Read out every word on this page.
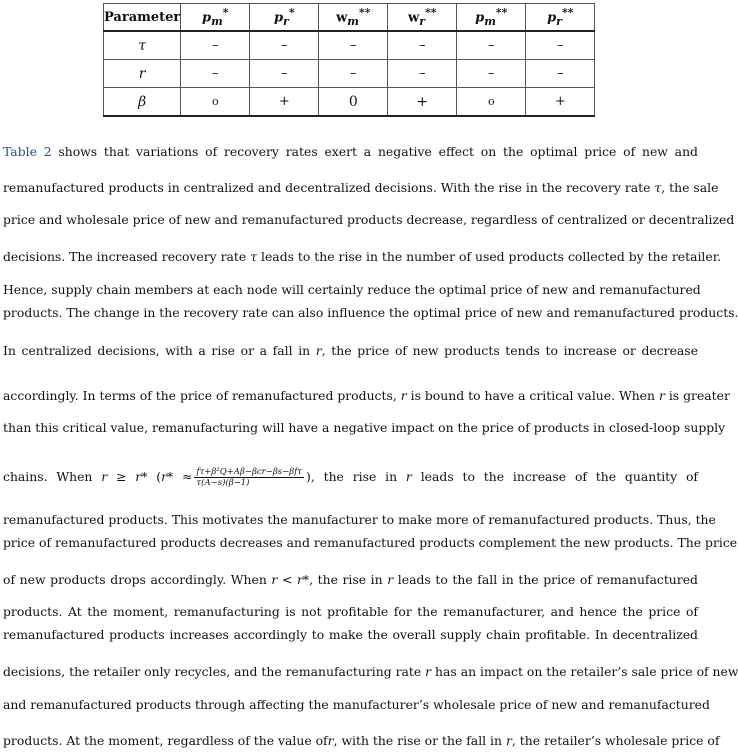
Parameter	$p_m^*$	$p_r^*$	$w_m^{**}$	$w_r^{**}$	$p_m^{**}$	$p_r^{**}$
τ	–	–	–	–	–	–
r	–	–	–	–	–	–
β	o	+	0	+	o	+
Table 2 shows that variations of recovery rates exert a negative effect on the optimal price of new and
remanufactured products in centralized and decentralized decisions. With the rise in the recovery rate τ, the sale
price and wholesale price of new and remanufactured products decrease, regardless of centralized or decentralized
decisions. The increased recovery rate τ leads to the rise in the number of used products collected by the retailer.
Hence, supply chain members at each node will certainly reduce the optimal price of new and remanufactured
products. The change in the recovery rate can also influence the optimal price of new and remanufactured products.
In centralized decisions, with a rise or a fall in r, the price of new products tends to increase or decrease
accordingly. In terms of the price of remanufactured products, r is bound to have a critical value. When r is greater
than this critical value, remanufacturing will have a negative impact on the price of products in closed-loop supply
chains. When r ≥ r* ($r* \approx \frac{\text{fτ+β²Q+Aβ−βcr−βs−βfτ}}{\tau(A-s)(\beta-1)}$ ), the rise in r leads to the increase of the quantity of
remanufactured products. This motivates the manufacturer to make more of remanufactured products. Thus, the
price of remanufactured products decreases and remanufactured products complement the new products. The price
of new products drops accordingly. When r < r*, the rise in r leads to the fall in the price of remanufactured
products. At the moment, remanufacturing is not profitable for the remanufacturer, and hence the price of
remanufactured products increases accordingly to make the overall supply chain profitable. In decentralized
decisions, the retailer only recycles, and the remanufacturing rate r has an impact on the retailer’s sale price of new
and remanufactured products through affecting the manufacturer’s wholesale price of new and remanufactured
products. At the moment, regardless of the value ofr, with the rise or the fall in r, the retailer’s wholesale price of
